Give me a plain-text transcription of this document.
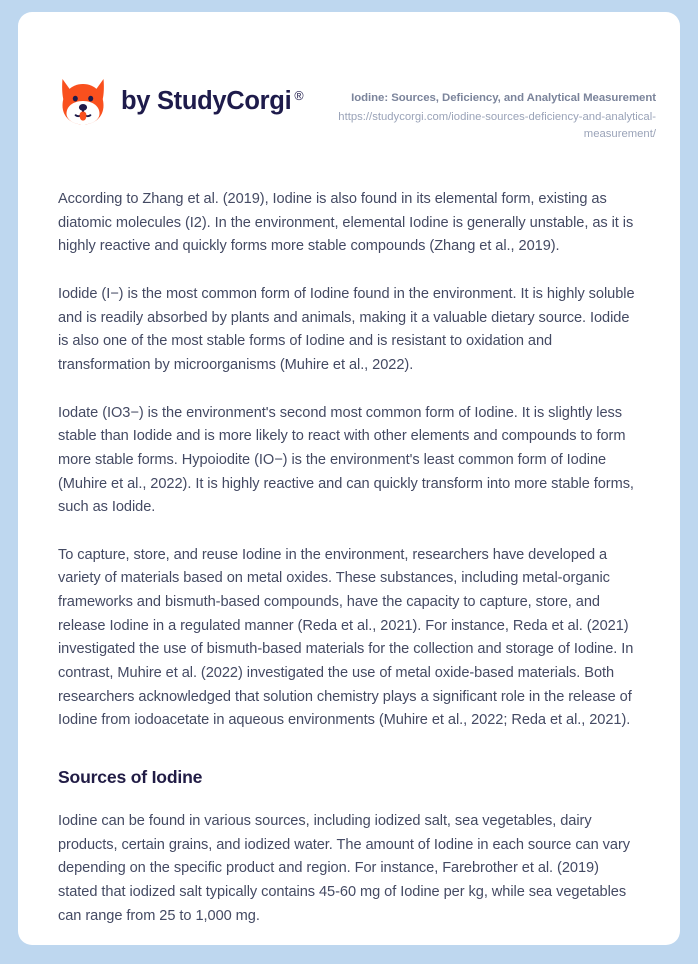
by StudyCorgi ®	Iodine: Sources, Deficiency, and Analytical Measurement
https://studycorgi.com/iodine-sources-deficiency-and-analytical-measurement/

According to Zhang et al. (2019), Iodine is also found in its elemental form, existing as diatomic molecules (I2). In the environment, elemental Iodine is generally unstable, as it is highly reactive and quickly forms more stable compounds (Zhang et al., 2019).

Iodide (I−) is the most common form of Iodine found in the environment. It is highly soluble and is readily absorbed by plants and animals, making it a valuable dietary source. Iodide is also one of the most stable forms of Iodine and is resistant to oxidation and transformation by microorganisms (Muhire et al., 2022).

Iodate (IO3−) is the environment's second most common form of Iodine. It is slightly less stable than Iodide and is more likely to react with other elements and compounds to form more stable forms. Hypoiodite (IO−) is the environment's least common form of Iodine (Muhire et al., 2022). It is highly reactive and can quickly transform into more stable forms, such as Iodide.

To capture, store, and reuse Iodine in the environment, researchers have developed a variety of materials based on metal oxides. These substances, including metal-organic frameworks and bismuth-based compounds, have the capacity to capture, store, and release Iodine in a regulated manner (Reda et al., 2021). For instance, Reda et al. (2021) investigated the use of bismuth-based materials for the collection and storage of Iodine. In contrast, Muhire et al. (2022) investigated the use of metal oxide-based materials. Both researchers acknowledged that solution chemistry plays a significant role in the release of Iodine from iodoacetate in aqueous environments (Muhire et al., 2022; Reda et al., 2021).

Sources of Iodine

Iodine can be found in various sources, including iodized salt, sea vegetables, dairy products, certain grains, and iodized water. The amount of Iodine in each source can vary depending on the specific product and region. For instance, Farebrother et al. (2019) stated that iodized salt typically contains 45-60 mg of Iodine per kg, while sea vegetables can range from 25 to 1,000 mg.
